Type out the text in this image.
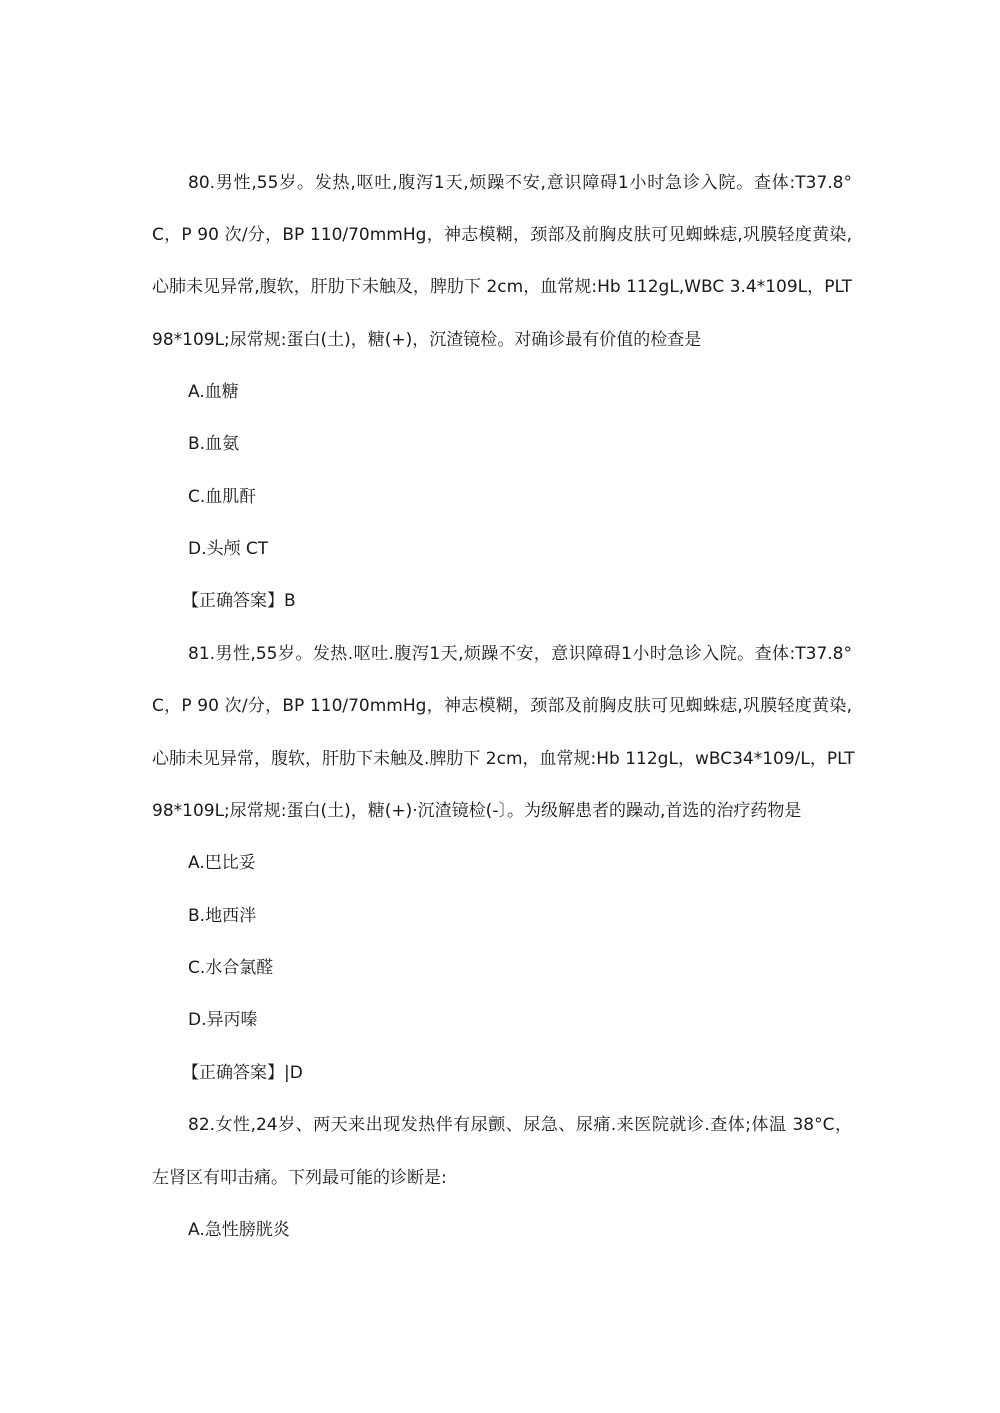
80.男性,55岁。发热,呕吐,腹泻1天,烦躁不安,意识障碍1小时急诊入院。查体:T37.8°
C，P 90 次/分，BP 110/70mmHg，神志模糊，颈部及前胸皮肤可见蜘蛛痣,巩膜轻度黄染,
心肺未见异常,腹软，肝肋下未触及，脾肋下 2cm，血常规:Hb 112gL,WBC 3.4*109L，PLT
98*109L;尿常规:蛋白(土)，糖(+)，沉渣镜检。对确诊最有价值的检查是
A.血糖
B.血氨
C.血肌酐
D.头颅 CT
【正确答案】B
81.男性,55岁。发热.呕吐.腹泻1天,烦躁不安，意识障碍1小时急诊入院。查体:T37.8°
C，P 90 次/分，BP 110/70mmHg，神志模糊，颈部及前胸皮肤可见蜘蛛痣,巩膜轻度黄染,
心肺未见异常，腹软，肝肋下未触及.脾肋下 2cm，血常规:Hb 112gL，wBC34*109/L，PLT
98*109L;尿常规:蛋白(土)，糖(+)·沉渣镜检(-〕。为级解患者的躁动,首选的治疗药物是
A.巴比妥
B.地西泮
C.水合氯醛
D.异丙嗪
【正确答案】|D
82.女性,24岁、两天来出现发热伴有尿颤、尿急、尿痛.来医院就诊.查体;体温 38°C，
左肾区有叩击痛。下列最可能的诊断是:
A.急性膀胱炎
